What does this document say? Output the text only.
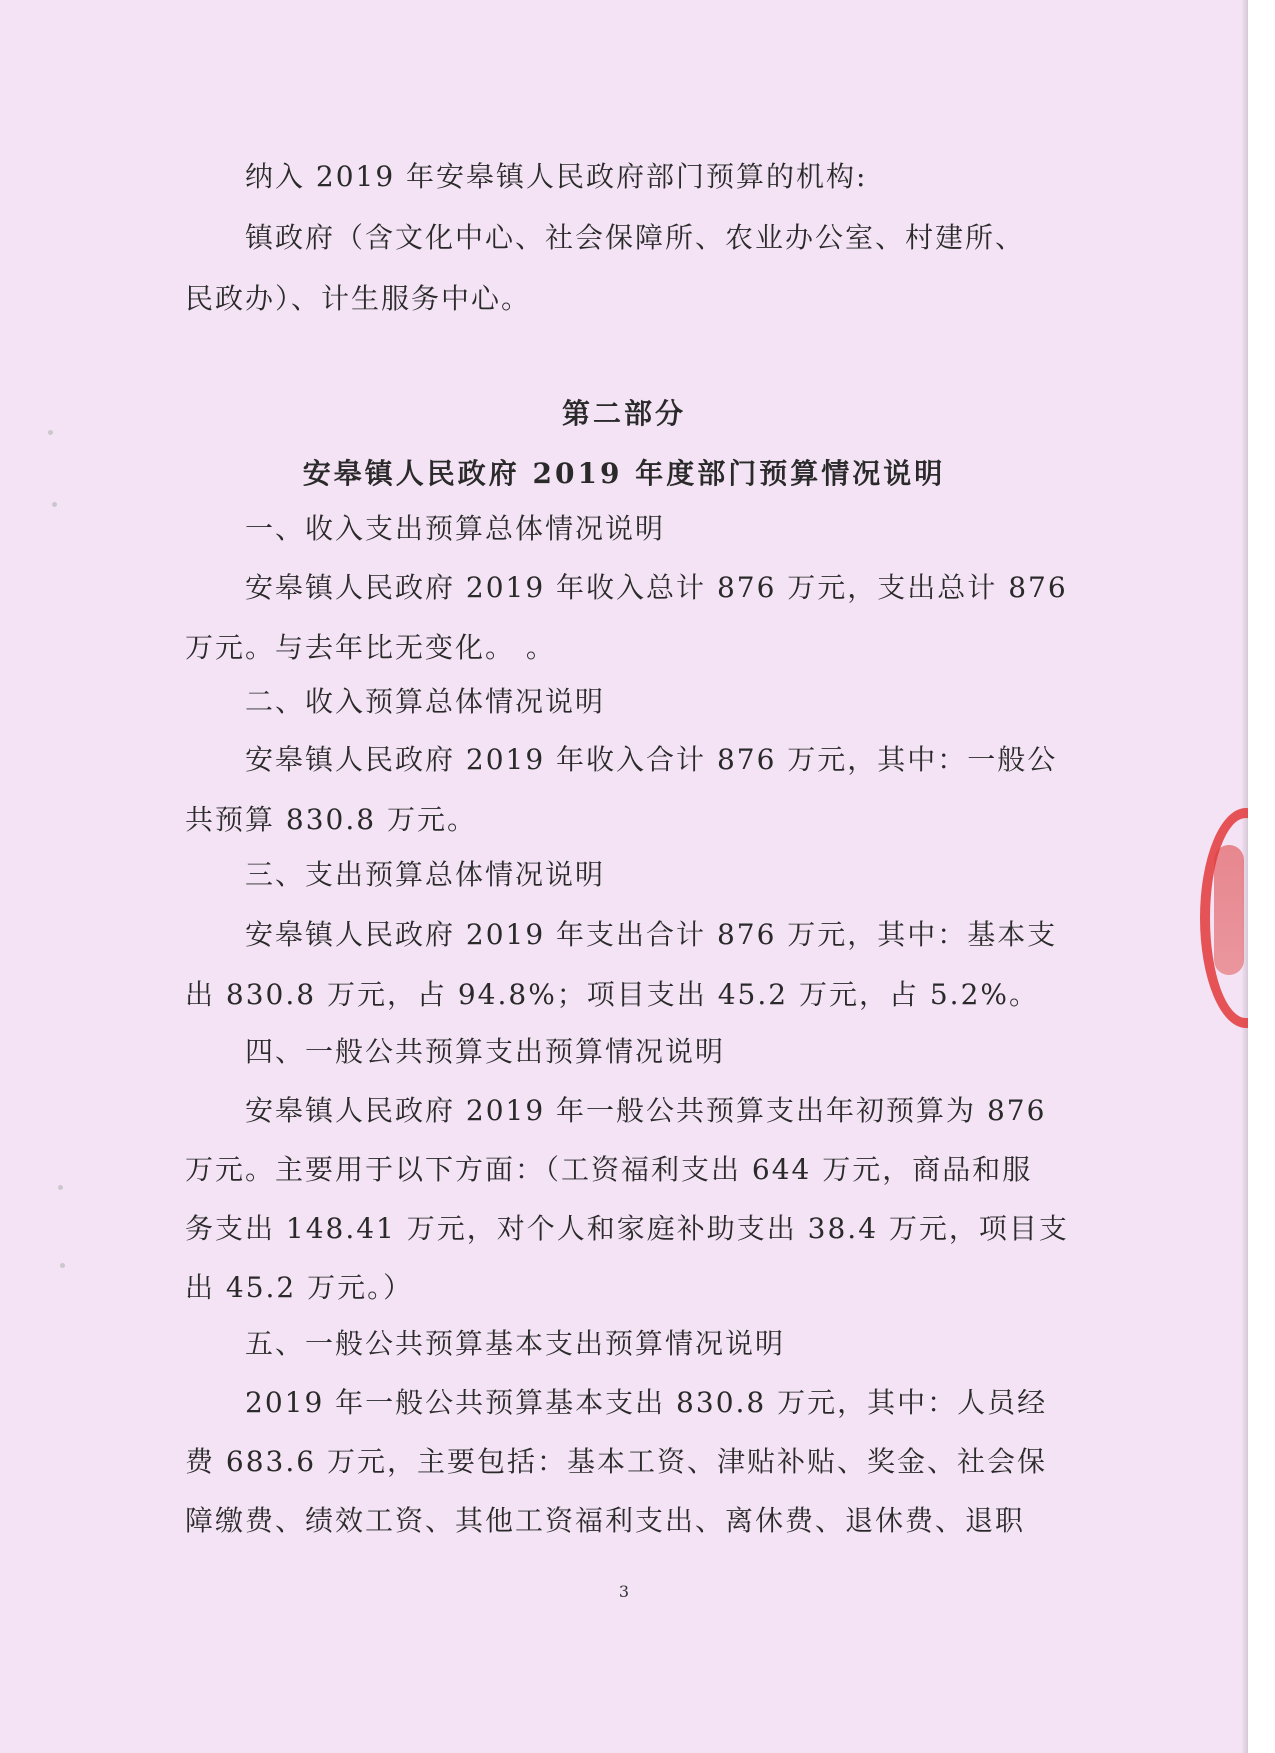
纳入 2019 年安皋镇人民政府部门预算的机构:
镇政府（含文化中心、社会保障所、农业办公室、村建所、
民政办）、计生服务中心。
第二部分
安皋镇人民政府 2019 年度部门预算情况说明
一、收入支出预算总体情况说明
安皋镇人民政府 2019 年收入总计 876 万元，支出总计 876
万元。与去年比无变化。 。
二、收入预算总体情况说明
安皋镇人民政府 2019 年收入合计 876 万元，其中：一般公
共预算 830.8 万元。
三、支出预算总体情况说明
安皋镇人民政府 2019 年支出合计 876 万元，其中：基本支
出 830.8 万元，占 94.8%；项目支出 45.2 万元，占 5.2%。
四、一般公共预算支出预算情况说明
安皋镇人民政府 2019 年一般公共预算支出年初预算为 876
万元。主要用于以下方面：（工资福利支出 644 万元，商品和服
务支出 148.41 万元，对个人和家庭补助支出 38.4 万元，项目支
出 45.2 万元。）
五、一般公共预算基本支出预算情况说明
2019 年一般公共预算基本支出 830.8 万元，其中：人员经
费 683.6 万元，主要包括：基本工资、津贴补贴、奖金、社会保
障缴费、绩效工资、其他工资福利支出、离休费、退休费、退职
3
